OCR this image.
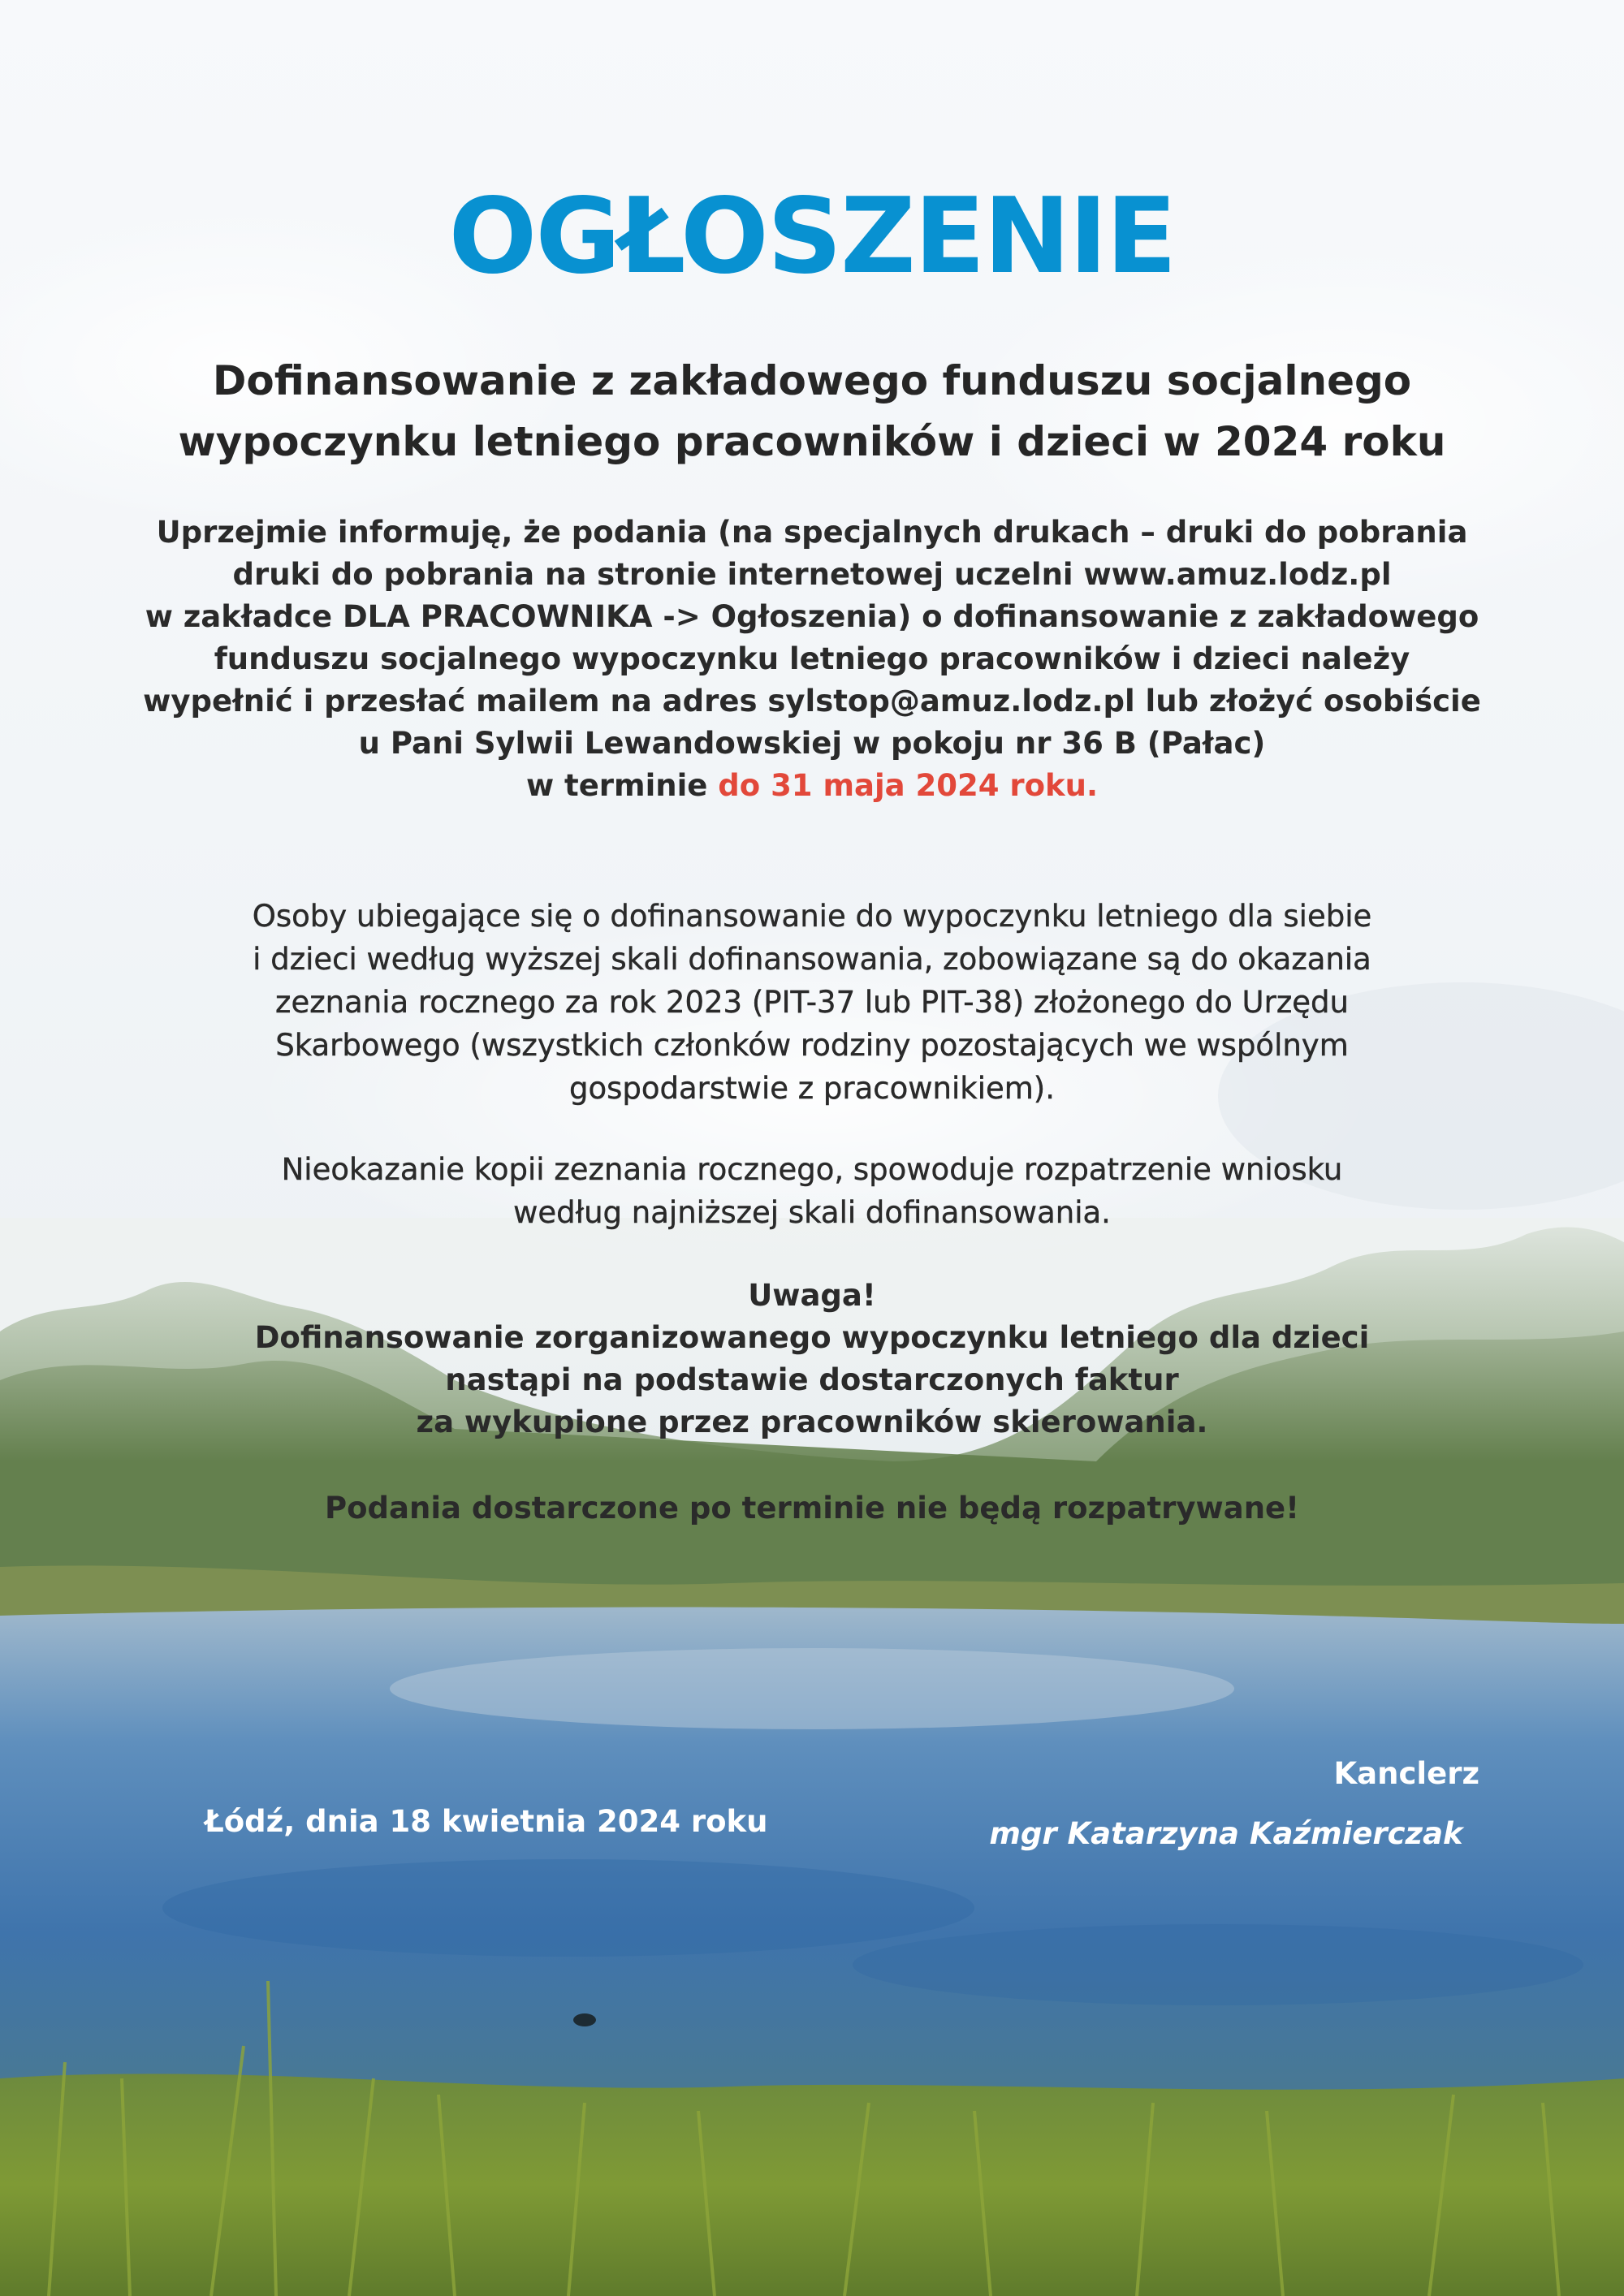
OGŁOSZENIE
Dofinansowanie z zakładowego funduszu socjalnego
wypoczynku letniego pracowników i dzieci w 2024 roku
Uprzejmie informuję, że podania (na specjalnych drukach – druki do pobrania
druki do pobrania na stronie internetowej uczelni www.amuz.lodz.pl
w zakładce DLA PRACOWNIKA -> Ogłoszenia) o dofinansowanie z zakładowego
funduszu socjalnego wypoczynku letniego pracowników i dzieci należy
wypełnić i przesłać mailem na adres sylstop@amuz.lodz.pl lub złożyć osobiście
u Pani Sylwii Lewandowskiej w pokoju nr 36 B (Pałac)
w terminie do 31 maja 2024 roku.
Osoby ubiegające się o dofinansowanie do wypoczynku letniego dla siebie
i dzieci według wyższej skali dofinansowania, zobowiązane są do okazania
zeznania rocznego za rok 2023 (PIT-37 lub PIT-38) złożonego do Urzędu
Skarbowego (wszystkich członków rodziny pozostających we wspólnym
gospodarstwie z pracownikiem).
Nieokazanie kopii zeznania rocznego, spowoduje rozpatrzenie wniosku
według najniższej skali dofinansowania.
Uwaga!
Dofinansowanie zorganizowanego wypoczynku letniego dla dzieci
nastąpi na podstawie dostarczonych faktur
za wykupione przez pracowników skierowania.
Podania dostarczone po terminie nie będą rozpatrywane!
Łódź, dnia 18 kwietnia 2024 roku
Kanclerz
mgr Katarzyna Kaźmierczak
